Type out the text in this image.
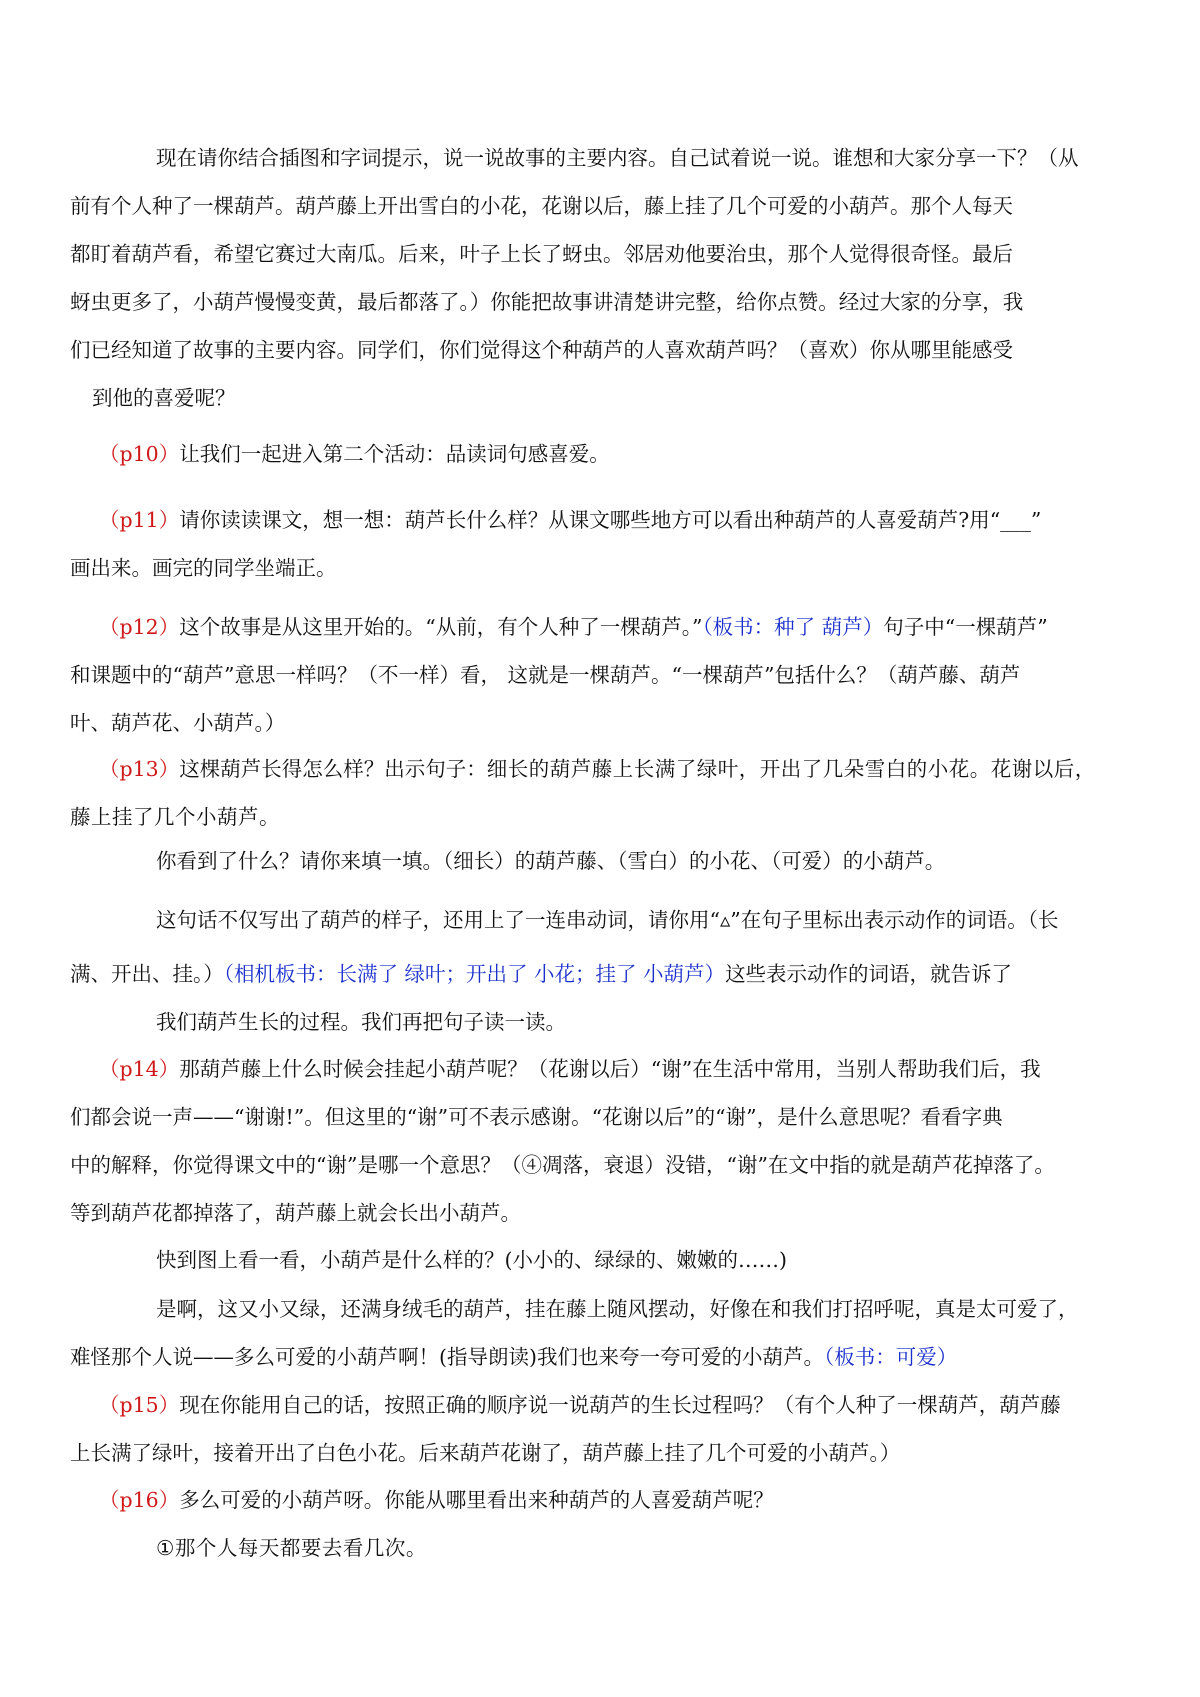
现在请你结合插图和字词提示，说一说故事的主要内容。自己试着说一说。谁想和大家分享一下？（从
前有个人种了一棵葫芦。葫芦藤上开出雪白的小花，花谢以后，藤上挂了几个可爱的小葫芦。那个人每天
都盯着葫芦看，希望它赛过大南瓜。后来，叶子上长了蚜虫。邻居劝他要治虫，那个人觉得很奇怪。最后
蚜虫更多了，小葫芦慢慢变黄，最后都落了。）你能把故事讲清楚讲完整，给你点赞。经过大家的分享，我
们已经知道了故事的主要内容。同学们，你们觉得这个种葫芦的人喜欢葫芦吗？（喜欢）你从哪里能感受
到他的喜爱呢？
（p10）让我们一起进入第二个活动：品读词句感喜爱。
（p11）请你读读课文，想一想：葫芦长什么样？从课文哪些地方可以看出种葫芦的人喜爱葫芦?用“___”
画出来。画完的同学坐端正。
（p12）这个故事是从这里开始的。“从前，有个人种了一棵葫芦。”（板书：种了 葫芦）句子中“一棵葫芦”
和课题中的“葫芦”意思一样吗？（不一样）看， 这就是一棵葫芦。“一棵葫芦”包括什么？（葫芦藤、葫芦
叶、葫芦花、小葫芦。）
（p13）这棵葫芦长得怎么样？出示句子：细长的葫芦藤上长满了绿叶，开出了几朵雪白的小花。花谢以后，
藤上挂了几个小葫芦。
你看到了什么？请你来填一填。（细长）的葫芦藤、（雪白）的小花、（可爱）的小葫芦。
这句话不仅写出了葫芦的样子，还用上了一连串动词，请你用“▵”在句子里标出表示动作的词语。（长
满、开出、挂。）（相机板书：长满了 绿叶；开出了 小花；挂了 小葫芦）这些表示动作的词语，就告诉了
我们葫芦生长的过程。我们再把句子读一读。
（p14）那葫芦藤上什么时候会挂起小葫芦呢？（花谢以后）“谢”在生活中常用，当别人帮助我们后，我
们都会说一声——“谢谢!”。但这里的“谢”可不表示感谢。“花谢以后”的“谢”，是什么意思呢？看看字典
中的解释，你觉得课文中的“谢”是哪一个意思？（④凋落，衰退）没错，“谢”在文中指的就是葫芦花掉落了。
等到葫芦花都掉落了，葫芦藤上就会长出小葫芦。
快到图上看一看，小葫芦是什么样的？(小小的、绿绿的、嫩嫩的……)
是啊，这又小又绿，还满身绒毛的葫芦，挂在藤上随风摆动，好像在和我们打招呼呢，真是太可爱了，
难怪那个人说——多么可爱的小葫芦啊！(指导朗读)我们也来夸一夸可爱的小葫芦。（板书：可爱）
（p15）现在你能用自己的话，按照正确的顺序说一说葫芦的生长过程吗？（有个人种了一棵葫芦，葫芦藤
上长满了绿叶，接着开出了白色小花。后来葫芦花谢了，葫芦藤上挂了几个可爱的小葫芦。）
（p16）多么可爱的小葫芦呀。你能从哪里看出来种葫芦的人喜爱葫芦呢？
①那个人每天都要去看几次。
